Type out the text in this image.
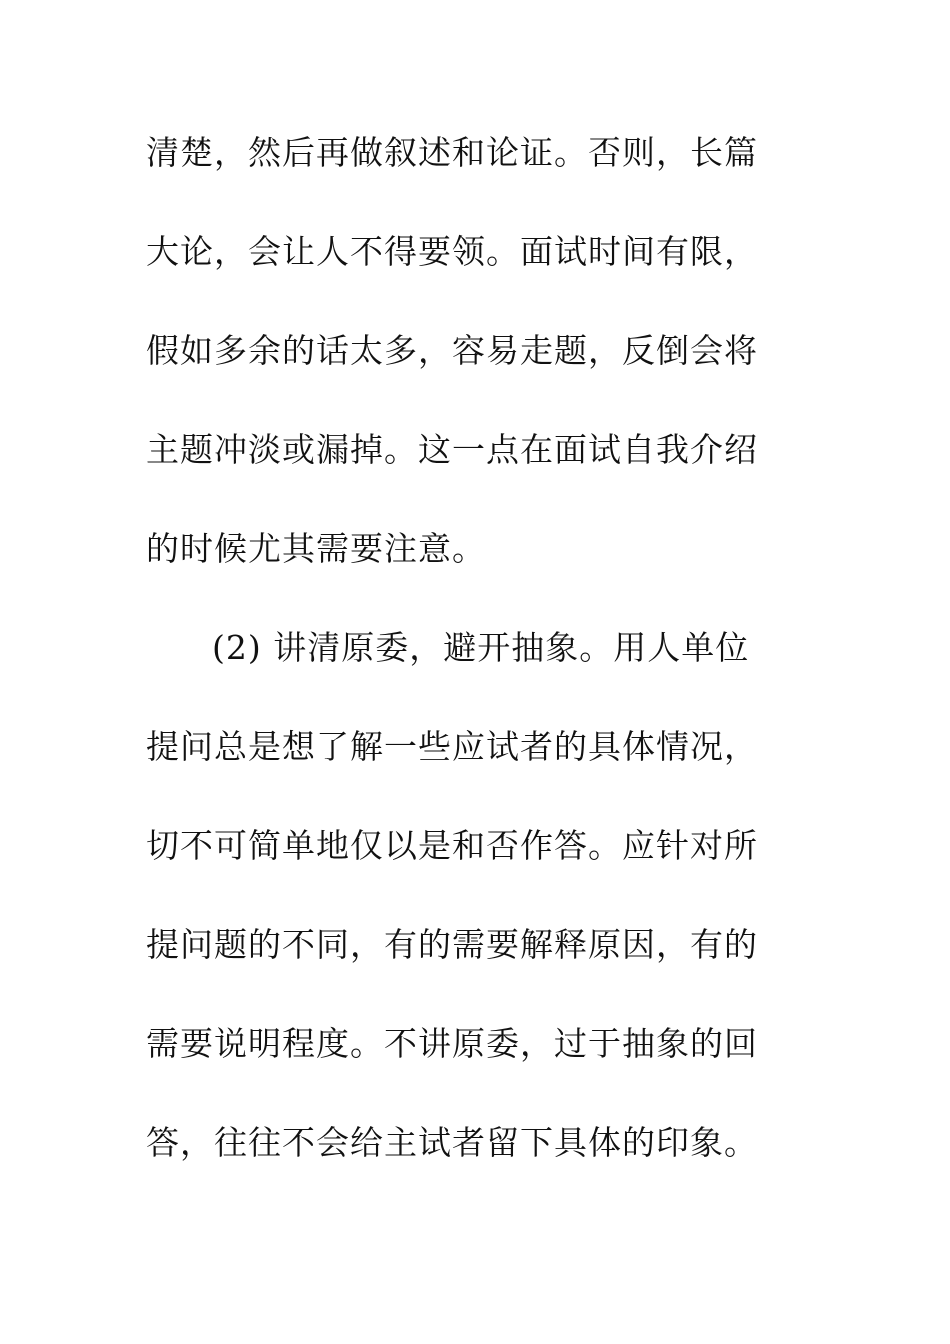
清楚，然后再做叙述和论证。否则，长篇
大论，会让人不得要领。面试时间有限，
假如多余的话太多，容易走题，反倒会将
主题冲淡或漏掉。这一点在面试自我介绍
的时候尤其需要注意。
(2) 讲清原委，避开抽象。用人单位
提问总是想了解一些应试者的具体情况，
切不可简单地仅以是和否作答。应针对所
提问题的不同，有的需要解释原因，有的
需要说明程度。不讲原委，过于抽象的回
答，往往不会给主试者留下具体的印象。
